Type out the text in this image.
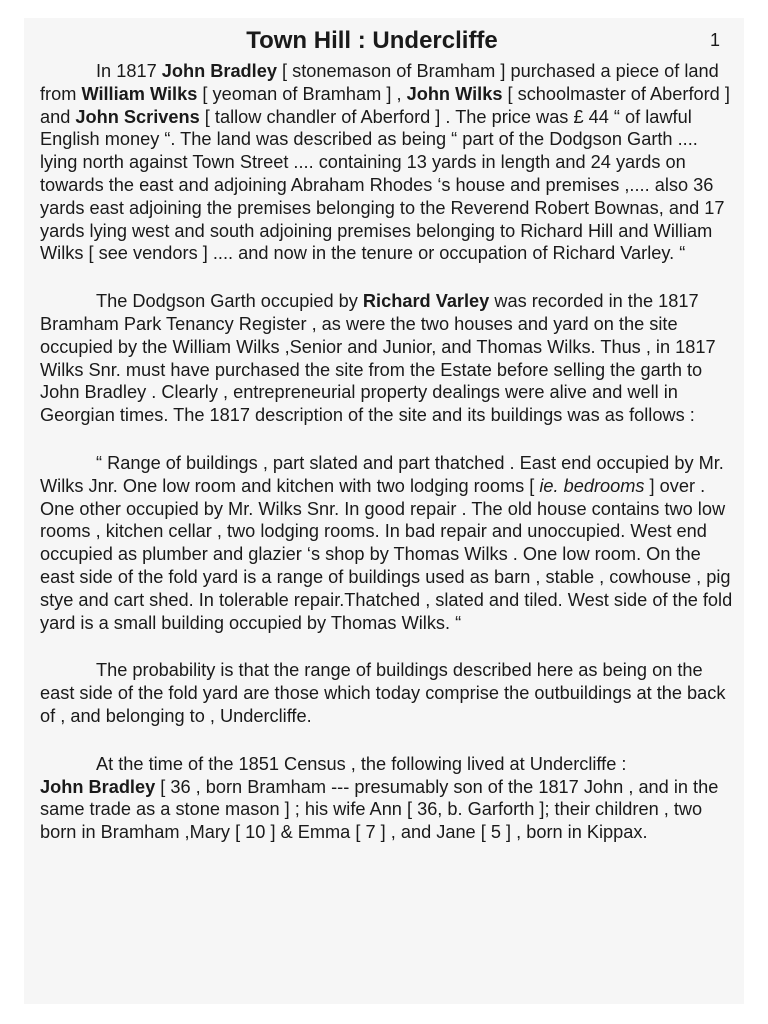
Town Hill : Undercliffe	1

In 1817 John Bradley [ stonemason of Bramham ] purchased a piece of land from William Wilks [ yeoman of Bramham ] , John Wilks [ schoolmaster of Aberford ] and John Scrivens [ tallow chandler of Aberford ] . The price was £ 44 “ of lawful English money “. The land was described as being “ part of the Dodgson Garth .... lying north against Town Street .... containing 13 yards in length and 24 yards on towards the east and adjoining Abraham Rhodes ‘s house and premises ,.... also 36 yards east adjoining the premises belonging to the Reverend Robert Bownas, and 17 yards lying west and south adjoining premises belonging to Richard Hill and William Wilks [ see vendors ] .... and now in the tenure or occupation of Richard Varley. “

The Dodgson Garth occupied by Richard Varley was recorded in the 1817 Bramham Park Tenancy Register , as were the two houses and yard on the site occupied by the William Wilks ,Senior and Junior, and Thomas Wilks. Thus , in 1817 Wilks Snr. must have purchased the site from the Estate before selling the garth to John Bradley . Clearly , entrepreneurial property dealings were alive and well in Georgian times. The 1817 description of the site and its buildings was as follows :

“ Range of buildings , part slated and part thatched . East end occupied by Mr. Wilks Jnr. One low room and kitchen with two lodging rooms [ ie. bedrooms ] over . One other occupied by Mr. Wilks Snr. In good repair . The old house contains two low rooms , kitchen cellar , two lodging rooms. In bad repair and unoccupied. West end occupied as plumber and glazier ‘s shop by Thomas Wilks . One low room. On the east side of the fold yard is a range of buildings used as barn , stable , cowhouse , pig stye and cart shed. In tolerable repair.Thatched , slated and tiled. West side of the fold yard is a small building occupied by Thomas Wilks. “

The probability is that the range of buildings described here as being on the east side of the fold yard are those which today comprise the outbuildings at the back of , and belonging to , Undercliffe.

At the time of the 1851 Census , the following lived at Undercliffe :
John Bradley [ 36 , born Bramham --- presumably son of the 1817 John , and in the same trade as a stone mason ] ; his wife Ann [ 36, b. Garforth ]; their children , two born in Bramham ,Mary [ 10 ] & Emma [ 7 ] , and Jane [ 5 ] , born in Kippax.
